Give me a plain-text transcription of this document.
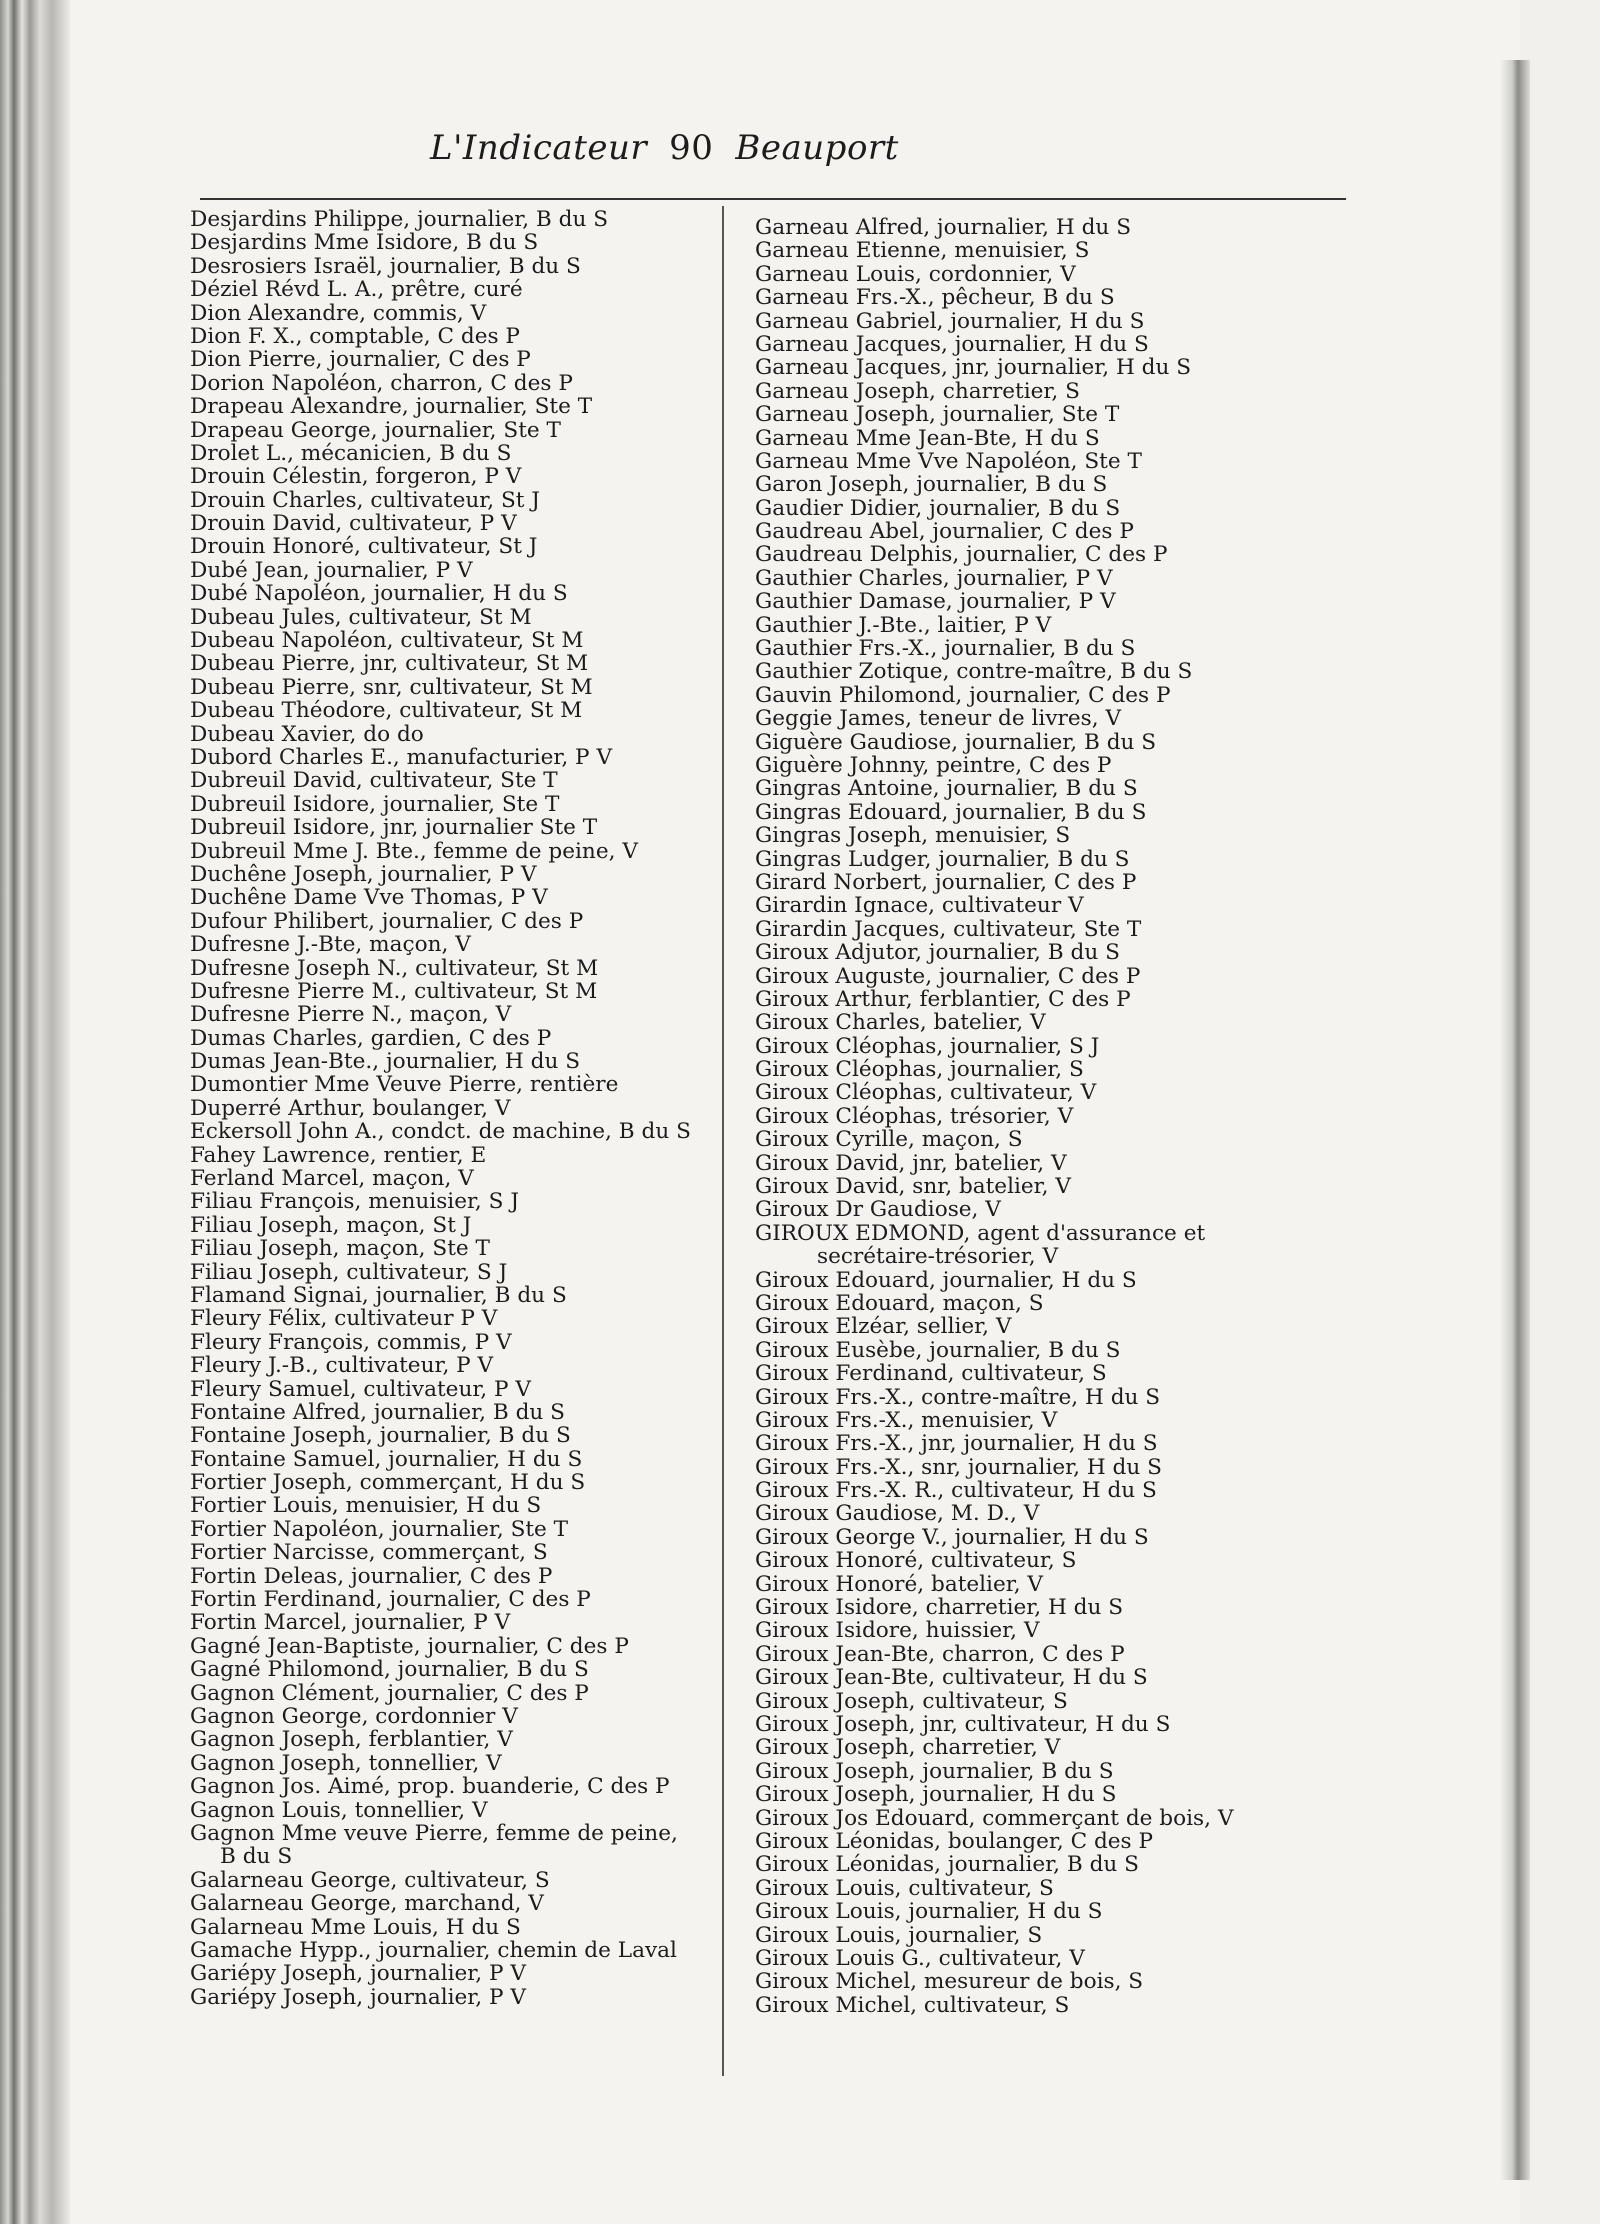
L'Indicateur 90 Beauport
Desjardins Philippe, journalier, B du S
Desjardins Mme Isidore, B du S
Desrosiers Israël, journalier, B du S
Déziel Révd L. A., prêtre, curé
Dion Alexandre, commis, V
Dion F. X., comptable, C des P
Dion Pierre, journalier, C des P
Dorion Napoléon, charron, C des P
Drapeau Alexandre, journalier, Ste T
Drapeau George, journalier, Ste T
Drolet L., mécanicien, B du S
Drouin Célestin, forgeron, P V
Drouin Charles, cultivateur, St J
Drouin David, cultivateur, P V
Drouin Honoré, cultivateur, St J
Dubé Jean, journalier, P V
Dubé Napoléon, journalier, H du S
Dubeau Jules, cultivateur, St M
Dubeau Napoléon, cultivateur, St M
Dubeau Pierre, jnr, cultivateur, St M
Dubeau Pierre, snr, cultivateur, St M
Dubeau Théodore, cultivateur, St M
Dubeau Xavier, do do
Dubord Charles E., manufacturier, P V
Dubreuil David, cultivateur, Ste T
Dubreuil Isidore, journalier, Ste T
Dubreuil Isidore, jnr, journalier Ste T
Dubreuil Mme J. Bte., femme de peine, V
Duchêne Joseph, journalier, P V
Duchêne Dame Vve Thomas, P V
Dufour Philibert, journalier, C des P
Dufresne J.-Bte, maçon, V
Dufresne Joseph N., cultivateur, St M
Dufresne Pierre M., cultivateur, St M
Dufresne Pierre N., maçon, V
Dumas Charles, gardien, C des P
Dumas Jean-Bte., journalier, H du S
Dumontier Mme Veuve Pierre, rentière
Duperré Arthur, boulanger, V
Eckersoll John A., condct. de machine, B du S
Fahey Lawrence, rentier, E
Ferland Marcel, maçon, V
Filiau François, menuisier, S J
Filiau Joseph, maçon, St J
Filiau Joseph, maçon, Ste T
Filiau Joseph, cultivateur, S J
Flamand Signai, journalier, B du S
Fleury Félix, cultivateur P V
Fleury François, commis, P V
Fleury J.-B., cultivateur, P V
Fleury Samuel, cultivateur, P V
Fontaine Alfred, journalier, B du S
Fontaine Joseph, journalier, B du S
Fontaine Samuel, journalier, H du S
Fortier Joseph, commerçant, H du S
Fortier Louis, menuisier, H du S
Fortier Napoléon, journalier, Ste T
Fortier Narcisse, commerçant, S
Fortin Deleas, journalier, C des P
Fortin Ferdinand, journalier, C des P
Fortin Marcel, journalier, P V
Gagné Jean-Baptiste, journalier, C des P
Gagné Philomond, journalier, B du S
Gagnon Clément, journalier, C des P
Gagnon George, cordonnier V
Gagnon Joseph, ferblantier, V
Gagnon Joseph, tonnellier, V
Gagnon Jos. Aimé, prop. buanderie, C des P
Gagnon Louis, tonnellier, V
Gagnon Mme veuve Pierre, femme de peine,
B du S
Galarneau George, cultivateur, S
Galarneau George, marchand, V
Galarneau Mme Louis, H du S
Gamache Hypp., journalier, chemin de Laval
Gariépy Joseph, journalier, P V
Gariépy Joseph, journalier, P V
Garneau Alfred, journalier, H du S
Garneau Etienne, menuisier, S
Garneau Louis, cordonnier, V
Garneau Frs.-X., pêcheur, B du S
Garneau Gabriel, journalier, H du S
Garneau Jacques, journalier, H du S
Garneau Jacques, jnr, journalier, H du S
Garneau Joseph, charretier, S
Garneau Joseph, journalier, Ste T
Garneau Mme Jean-Bte, H du S
Garneau Mme Vve Napoléon, Ste T
Garon Joseph, journalier, B du S
Gaudier Didier, journalier, B du S
Gaudreau Abel, journalier, C des P
Gaudreau Delphis, journalier, C des P
Gauthier Charles, journalier, P V
Gauthier Damase, journalier, P V
Gauthier J.-Bte., laitier, P V
Gauthier Frs.-X., journalier, B du S
Gauthier Zotique, contre-maître, B du S
Gauvin Philomond, journalier, C des P
Geggie James, teneur de livres, V
Giguère Gaudiose, journalier, B du S
Giguère Johnny, peintre, C des P
Gingras Antoine, journalier, B du S
Gingras Edouard, journalier, B du S
Gingras Joseph, menuisier, S
Gingras Ludger, journalier, B du S
Girard Norbert, journalier, C des P
Girardin Ignace, cultivateur V
Girardin Jacques, cultivateur, Ste T
Giroux Adjutor, journalier, B du S
Giroux Auguste, journalier, C des P
Giroux Arthur, ferblantier, C des P
Giroux Charles, batelier, V
Giroux Cléophas, journalier, S J
Giroux Cléophas, journalier, S
Giroux Cléophas, cultivateur, V
Giroux Cléophas, trésorier, V
Giroux Cyrille, maçon, S
Giroux David, jnr, batelier, V
Giroux David, snr, batelier, V
Giroux Dr Gaudiose, V
GIROUX EDMOND, agent d'assurance et
secrétaire-trésorier, V
Giroux Edouard, journalier, H du S
Giroux Edouard, maçon, S
Giroux Elzéar, sellier, V
Giroux Eusèbe, journalier, B du S
Giroux Ferdinand, cultivateur, S
Giroux Frs.-X., contre-maître, H du S
Giroux Frs.-X., menuisier, V
Giroux Frs.-X., jnr, journalier, H du S
Giroux Frs.-X., snr, journalier, H du S
Giroux Frs.-X. R., cultivateur, H du S
Giroux Gaudiose, M. D., V
Giroux George V., journalier, H du S
Giroux Honoré, cultivateur, S
Giroux Honoré, batelier, V
Giroux Isidore, charretier, H du S
Giroux Isidore, huissier, V
Giroux Jean-Bte, charron, C des P
Giroux Jean-Bte, cultivateur, H du S
Giroux Joseph, cultivateur, S
Giroux Joseph, jnr, cultivateur, H du S
Giroux Joseph, charretier, V
Giroux Joseph, journalier, B du S
Giroux Joseph, journalier, H du S
Giroux Jos Edouard, commerçant de bois, V
Giroux Léonidas, boulanger, C des P
Giroux Léonidas, journalier, B du S
Giroux Louis, cultivateur, S
Giroux Louis, journalier, H du S
Giroux Louis, journalier, S
Giroux Louis G., cultivateur, V
Giroux Michel, mesureur de bois, S
Giroux Michel, cultivateur, S
